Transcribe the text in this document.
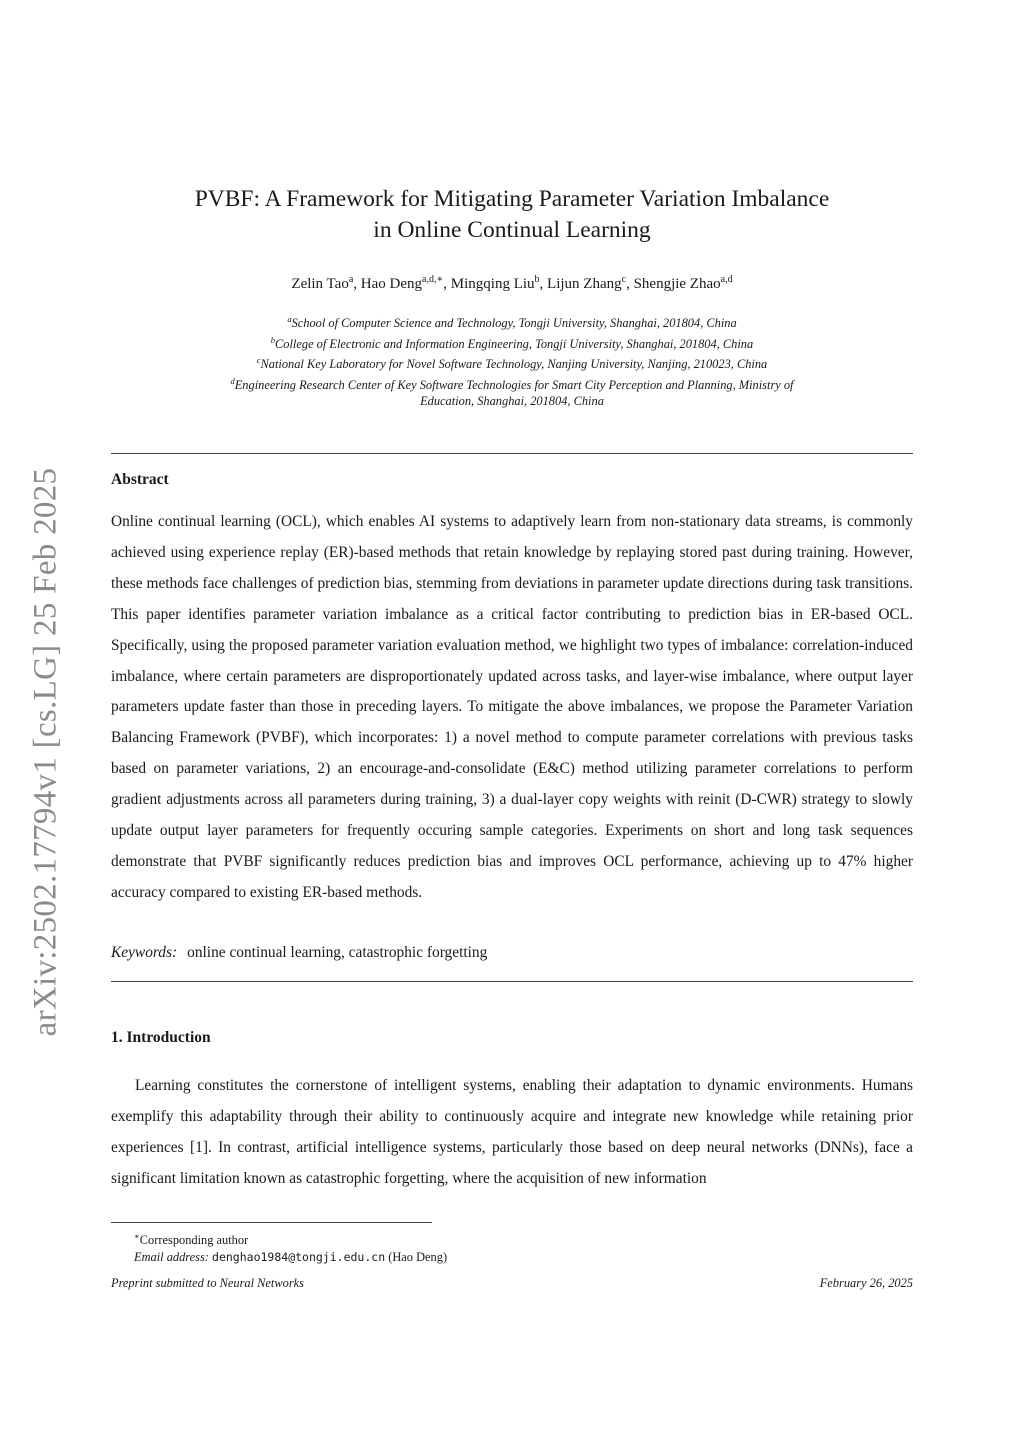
arXiv:2502.17794v1 [cs.LG] 25 Feb 2025
PVBF: A Framework for Mitigating Parameter Variation Imbalance
in Online Continual Learning
Zelin Tao$^a$, Hao Deng$^{a,d,∗}$, Mingqing Liu$^b$, Lijun Zhang$^c$, Shengjie Zhao$^{a,d}$
$^a$School of Computer Science and Technology, Tongji University, Shanghai, 201804, China
$^b$College of Electronic and Information Engineering, Tongji University, Shanghai, 201804, China
$^c$National Key Laboratory for Novel Software Technology, Nanjing University, Nanjing, 210023, China
$^d$Engineering Research Center of Key Software Technologies for Smart City Perception and Planning, Ministry of
Education, Shanghai, 201804, China
Abstract

Online continual learning (OCL), which enables AI systems to adaptively learn from non-stationary data streams, is commonly achieved using experience replay (ER)-based methods that retain knowledge by replaying stored past during training. However, these methods face challenges of prediction bias, stemming from deviations in parameter update directions during task transitions. This paper identifies parameter variation imbalance as a critical factor contributing to prediction bias in ER-based OCL. Specifically, using the proposed parameter variation evaluation method, we highlight two types of imbalance: correlation-induced imbalance, where certain parameters are disproportionately updated across tasks, and layer-wise imbalance, where output layer parameters update faster than those in preceding layers. To mitigate the above imbalances, we propose the Parameter Variation Balancing Framework (PVBF), which incorporates: 1) a novel method to compute parameter correlations with previous tasks based on parameter variations, 2) an encourage-and-consolidate (E&C) method utilizing parameter correlations to perform gradient adjustments across all parameters during training, 3) a dual-layer copy weights with reinit (D-CWR) strategy to slowly update output layer parameters for frequently occuring sample categories. Experiments on short and long task sequences demonstrate that PVBF significantly reduces prediction bias and improves OCL performance, achieving up to 47% higher accuracy compared to existing ER-based methods.

Keywords: online continual learning, catastrophic forgetting
1. Introduction

Learning constitutes the cornerstone of intelligent systems, enabling their adaptation to dynamic environments. Humans exemplify this adaptability through their ability to continuously acquire and integrate new knowledge while retaining prior experiences [1]. In contrast, artificial intelligence systems, particularly those based on deep neural networks (DNNs), face a significant limitation known as catastrophic forgetting, where the acquisition of new information

∗Corresponding author
Email address: denghao1984@tongji.edu.cn (Hao Deng)
Preprint submitted to Neural Networks	February 26, 2025
